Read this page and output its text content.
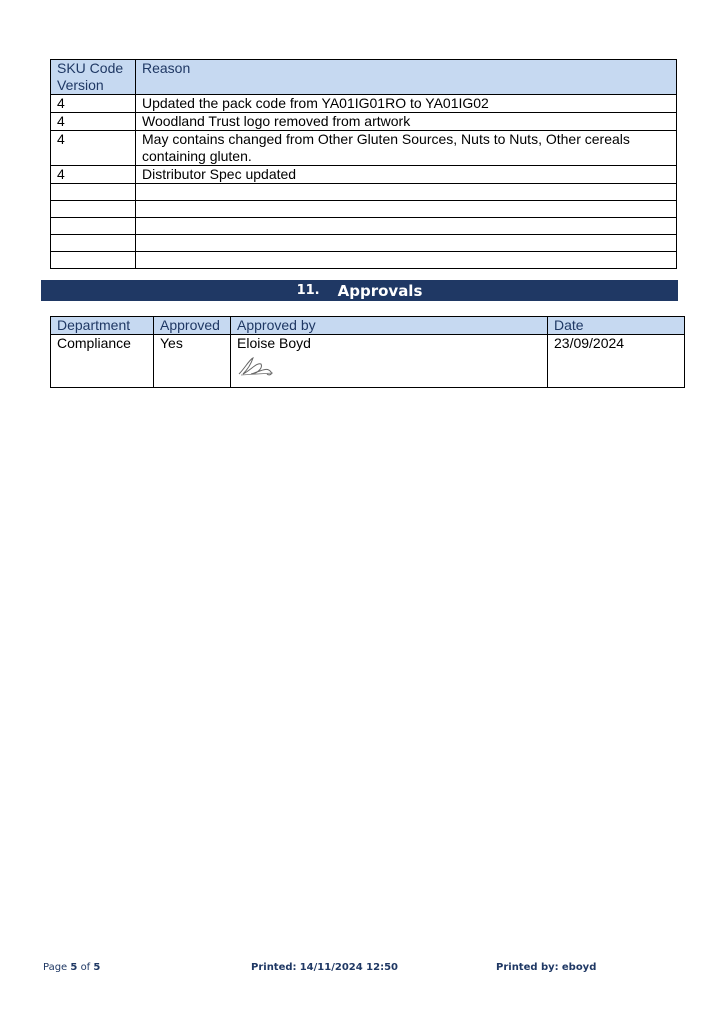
SKU Code Version	Reason
4	Updated the pack code from YA01IG01RO to YA01IG02
4	Woodland Trust logo removed from artwork
4	May contains changed from Other Gluten Sources, Nuts to Nuts, Other cereals containing gluten.
4	Distributor Spec updated

11. Approvals
Department	Approved	Approved by	Date
Compliance	Yes	Eloise Boyd	23/09/2024
Page 5 of 5	Printed: 14/11/2024 12:50	Printed by: eboyd
